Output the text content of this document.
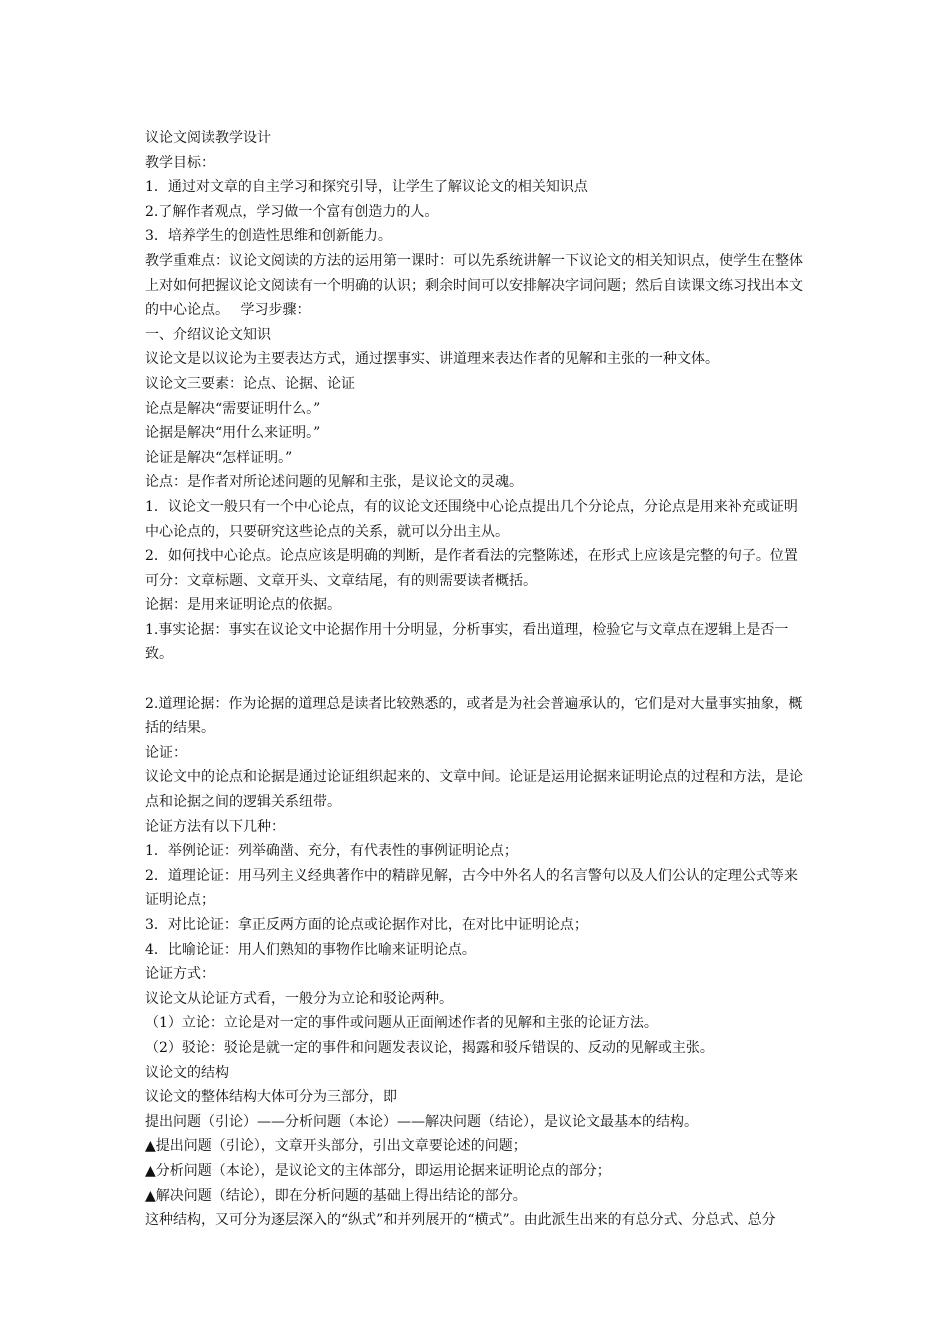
议论文阅读教学设计

教学目标：

1．通过对文章的自主学习和探究引导，让学生了解议论文的相关知识点

2.了解作者观点，学习做一个富有创造力的人。

3．培养学生的创造性思维和创新能力。

教学重难点：议论文阅读的方法的运用第一课时：可以先系统讲解一下议论文的相关知识点，使学生在整体上对如何把握议论文阅读有一个明确的认识；剩余时间可以安排解决字词问题；然后自读课文练习找出本文的中心论点。　 学习步骤：

一、介绍议论文知识

议论文是以议论为主要表达方式，通过摆事实、讲道理来表达作者的见解和主张的一种文体。

议论文三要素：论点、论据、论证

论点是解决“需要证明什么。”

论据是解决“用什么来证明。”

论证是解决“怎样证明。”

论点：是作者对所论述问题的见解和主张，是议论文的灵魂。

1．议论文一般只有一个中心论点，有的议论文还围绕中心论点提出几个分论点，分论点是用来补充或证明中心论点的，只要研究这些论点的关系，就可以分出主从。

2．如何找中心论点。论点应该是明确的判断，是作者看法的完整陈述，在形式上应该是完整的句子。位置可分：文章标题、文章开头、文章结尾，有的则需要读者概括。

论据：是用来证明论点的依据。

1.事实论据：事实在议论文中论据作用十分明显，分析事实，看出道理，检验它与文章点在逻辑上是否一致。

2.道理论据：作为论据的道理总是读者比较熟悉的，或者是为社会普遍承认的，它们是对大量事实抽象，概括的结果。

论证：

议论文中的论点和论据是通过论证组织起来的、文章中间。论证是运用论据来证明论点的过程和方法，是论点和论据之间的逻辑关系纽带。

论证方法有以下几种：

1．举例论证：列举确凿、充分，有代表性的事例证明论点；

2．道理论证：用马列主义经典著作中的精辟见解，古今中外名人的名言警句以及人们公认的定理公式等来证明论点；

3．对比论证：拿正反两方面的论点或论据作对比，在对比中证明论点；

4．比喻论证：用人们熟知的事物作比喻来证明论点。

论证方式：

议论文从论证方式看，一般分为立论和驳论两种。

（1）立论：立论是对一定的事件或问题从正面阐述作者的见解和主张的论证方法。

（2）驳论：驳论是就一定的事件和问题发表议论，揭露和驳斥错误的、反动的见解或主张。

议论文的结构

议论文的整体结构大体可分为三部分，即

提出问题（引论）——分析问题（本论）——解决问题（结论），是议论文最基本的结构。

▲提出问题（引论），文章开头部分，引出文章要论述的问题；

▲分析问题（本论），是议论文的主体部分，即运用论据来证明论点的部分；

▲解决问题（结论），即在分析问题的基础上得出结论的部分。

这种结构，又可分为逐层深入的“纵式”和并列展开的“横式”。由此派生出来的有总分式、分总式、总分
